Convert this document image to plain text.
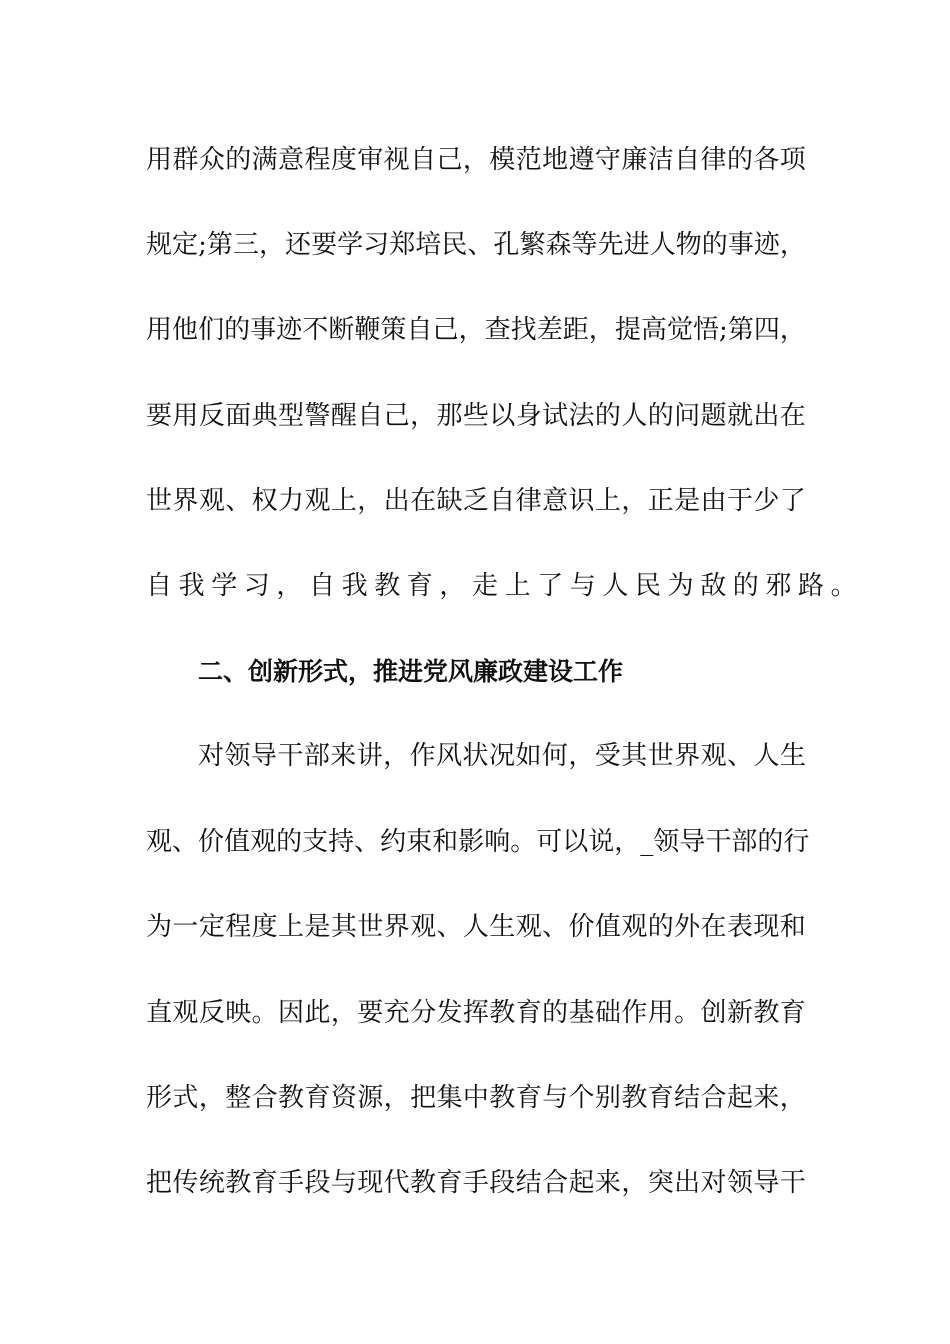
用 群 众 的 满 意 程 度 审 视 自 己 ， 模 范 地 遵 守 廉 洁 自 律 的 各 项
规 定 ; 第 三 ， 还 要 学 习 郑 培 民 、 孔 繁 森 等 先 进 人 物 的 事 迹 ，
用 他 们 的 事 迹 不 断 鞭 策 自 己 ， 查 找 差 距 ， 提 高 觉 悟 ; 第 四 ，
要 用 反 面 典 型 警 醒 自 己 ， 那 些 以 身 试 法 的 人 的 问 题 就 出 在
世 界 观 、 权 力 观 上 ， 出 在 缺 乏 自 律 意 识 上 ， 正 是 由 于 少 了
自我学习，自我教育，走上了与人民为敌的邪路。
二、创新形式，推进党风廉政建设工作
对 领 导 干 部 来 讲 ， 作 风 状 况 如 何 ， 受 其 世 界 观 、 人 生
观 、 价 值 观 的 支 持 、 约 束 和 影 响 。 可 以 说 ， _ 领 导 干 部 的 行
为 一 定 程 度 上 是 其 世 界 观 、 人 生 观 、 价 值 观 的 外 在 表 现 和
直 观 反 映 。 因 此 ， 要 充 分 发 挥 教 育 的 基 础 作 用 。 创 新 教 育
形 式 ， 整 合 教 育 资 源 ， 把 集 中 教 育 与 个 别 教 育 结 合 起 来 ，
把 传 统 教 育 手 段 与 现 代 教 育 手 段 结 合 起 来 ， 突 出 对 领 导 干
